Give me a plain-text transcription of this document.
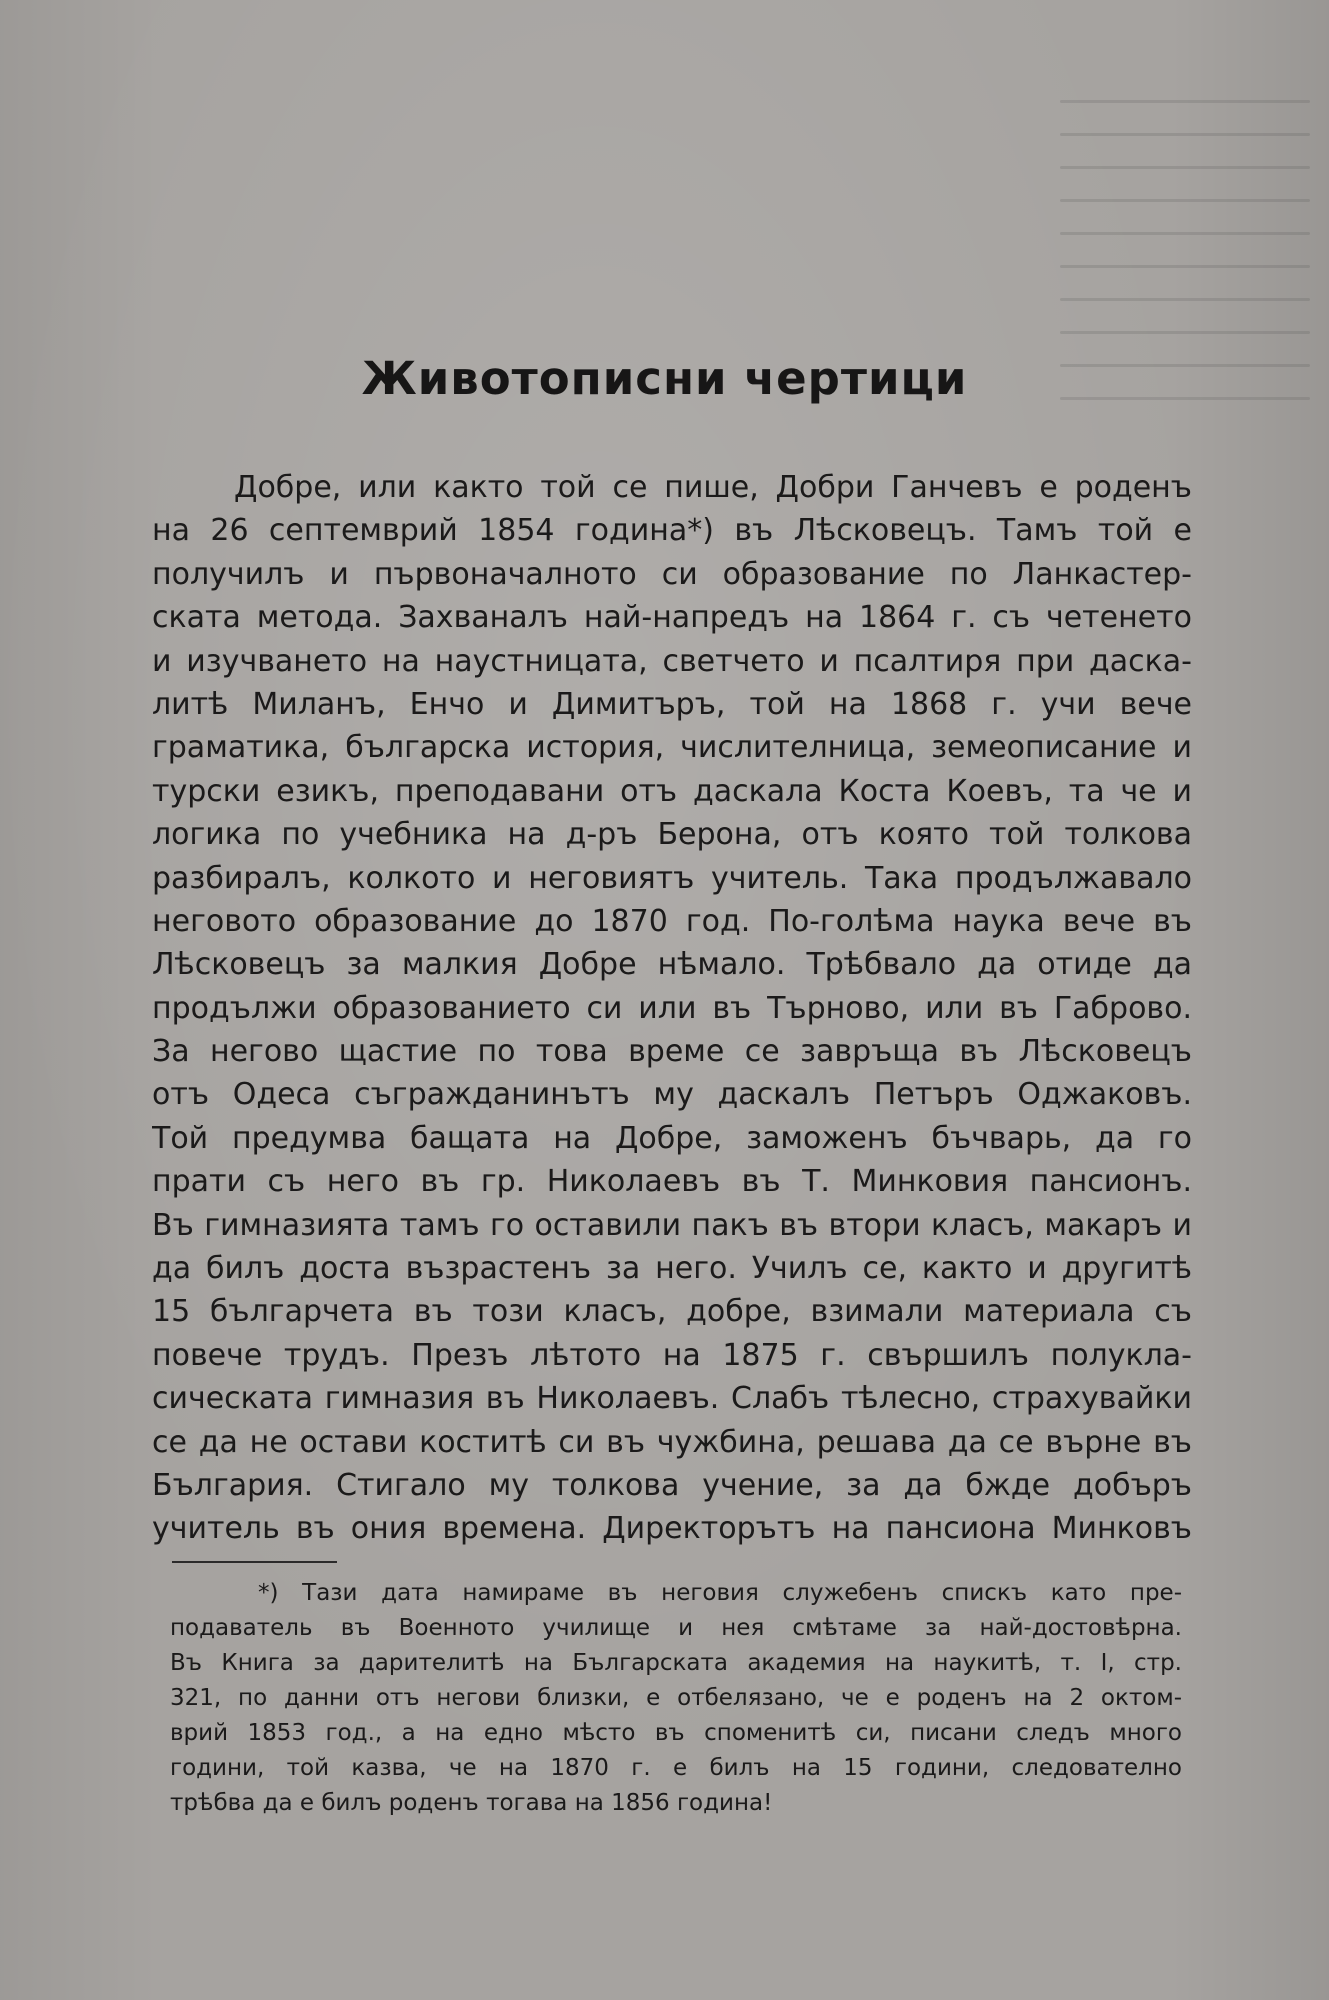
Животописни чертици
Добре, или както той се пише, Добри Ганчевъ е роденъ
на 26 септемврий 1854 година*) въ Лѣсковецъ. Тамъ той е
получилъ и първоначалното си образование по Ланкастер-
ската метода. Захваналъ най-напредъ на 1864 г. съ четенето
и изучването на наустницата, светчето и псалтиря при даска-
литѣ Миланъ, Енчо и Димитъръ, той на 1868 г. учи вече
граматика, българска история, числителница, земеописание и
турски езикъ, преподавани отъ даскала Коста Коевъ, та че и
логика по учебника на д-ръ Берона, отъ която той толкова
разбиралъ, колкото и неговиятъ учитель. Така продължавало
неговото образование до 1870 год. По-голѣма наука вече въ
Лѣсковецъ за малкия Добре нѣмало. Трѣбвало да отиде да
продължи образованието си или въ Търново, или въ Габрово.
За негово щастие по това време се завръща въ Лѣсковецъ
отъ Одеса съгражданинътъ му даскалъ Петъръ Оджаковъ.
Той предумва бащата на Добре, заможенъ бъчварь, да го
прати съ него въ гр. Николаевъ въ Т. Минковия пансионъ.
Въ гимназията тамъ го оставили пакъ въ втори класъ, макаръ и
да билъ доста възрастенъ за него. Училъ се, както и другитѣ
15 българчета въ този класъ, добре, взимали материала съ
повече трудъ. Презъ лѣтото на 1875 г. свършилъ полукла-
сическата гимназия въ Николаевъ. Слабъ тѣлесно, страхувайки
се да не остави коститѣ си въ чужбина, решава да се върне въ
България. Стигало му толкова учение, за да бжде добъръ
учитель въ ония времена. Директорътъ на пансиона Минковъ
*) Тази дата намираме въ неговия служебенъ спискъ като пре-
подаватель въ Военното училище и нея смѣтаме за най-достовѣрна.
Въ Книга за дарителитѣ на Българската академия на наукитѣ, т. I, стр.
321, по данни отъ негови близки, е отбелязано, че е роденъ на 2 октом-
врий 1853 год., а на едно мѣсто въ споменитѣ си, писани следъ много
години, той казва, че на 1870 г. е билъ на 15 години, следователно
трѣбва да е билъ роденъ тогава на 1856 година!
